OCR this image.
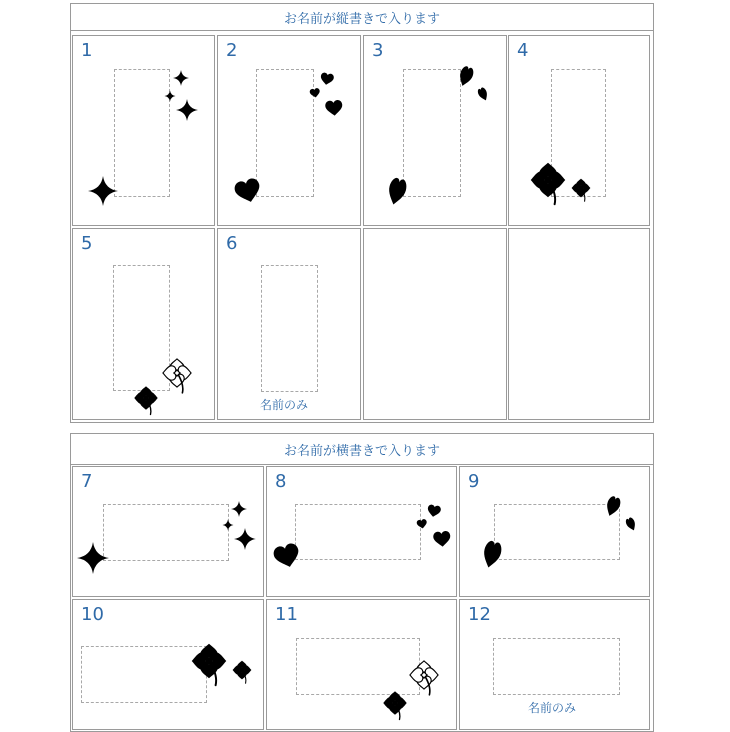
お名前が縦書きで入ります
1	2	3	4
5	6
名前のみ
お名前が横書きで入ります
7	8	9
10	11	12
名前のみ
